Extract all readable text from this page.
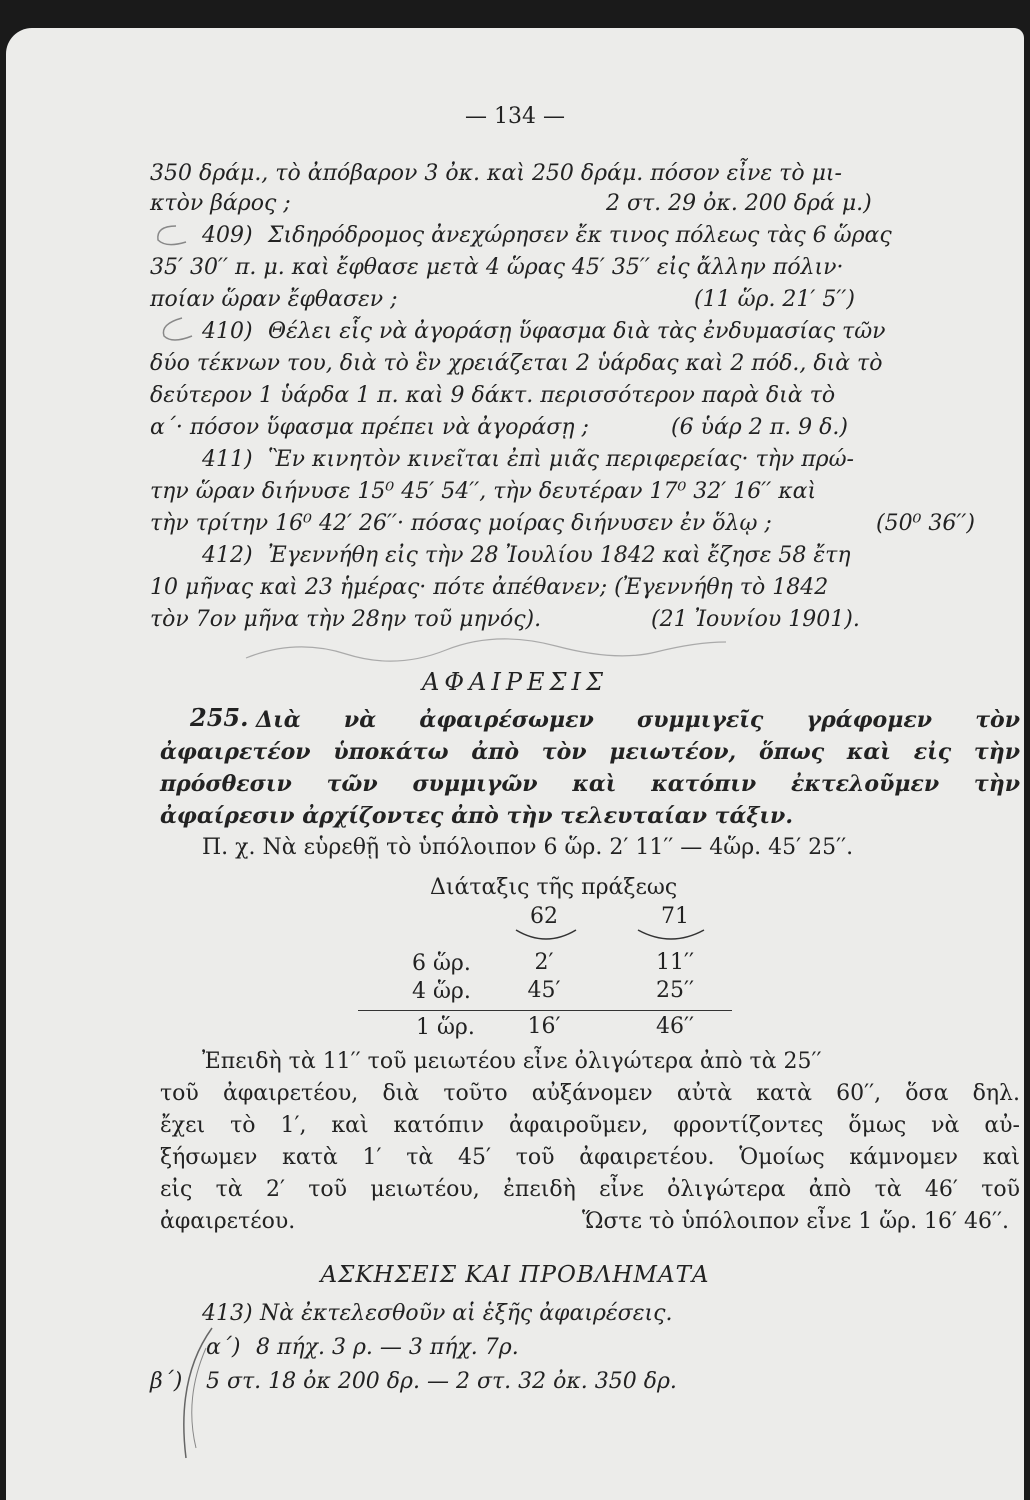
— 134 —
350 δράμ., τὸ ἀπόβαρον 3 ὀκ. καὶ 250 δράμ. πόσον εἶνε τὸ μι-
κτὸν βάρος ;	2 στ. 29 ὀκ. 200 δρά μ.)
409) Σιδηρόδρομος ἀνεχώρησεν ἔκ τινος πόλεως τὰς 6 ὥρας
35′ 30′′ π. μ. καὶ ἔφθασε μετὰ 4 ὥρας 45′ 35′′ εἰς ἄλλην πόλιν·
ποίαν ὥραν ἔφθασεν ;	(11 ὥρ. 21′ 5′′)
410) Θέλει εἷς νὰ ἀγοράσῃ ὕφασμα διὰ τὰς ἐνδυμασίας τῶν
δύο τέκνων του, διὰ τὸ ἓν χρειάζεται 2 ὑάρδας καὶ 2 πόδ., διὰ τὸ
δεύτερον 1 ὑάρδα 1 π. καὶ 9 δάκτ. περισσότερον παρὰ διὰ τὸ
α΄· πόσον ὕφασμα πρέπει νὰ ἀγοράσῃ ;	(6 ὑάρ 2 π. 9 δ.)
411) Ἓν κινητὸν κινεῖται ἐπὶ μιᾶς περιφερείας· τὴν πρώ-
την ὥραν διήνυσε 15⁰ 45′ 54′′, τὴν δευτέραν 17⁰ 32′ 16′′ καὶ
τὴν τρίτην 16⁰ 42′ 26′′· πόσας μοίρας διήνυσεν ἐν ὅλῳ ;	(50⁰ 36′′)
412) Ἐγεννήθη εἰς τὴν 28 Ἰουλίου 1842 καὶ ἔζησε 58 ἔτη
10 μῆνας καὶ 23 ἡμέρας· πότε ἀπέθανεν; (Ἐγεννήθη τὸ 1842
τὸν 7ον μῆνα τὴν 28ην τοῦ μηνός).	(21 Ἰουνίου 1901).
ΑΦΑΙΡΕΣΙΣ
255. Διὰ νὰ ἀφαιρέσωμεν συμμιγεῖς γράφομεν τὸν
ἀφαιρετέον ὑποκάτω ἀπὸ τὸν μειωτέον, ὅπως καὶ εἰς τὴν
πρόσθεσιν τῶν συμμιγῶν καὶ κατόπιν ἐκτελοῦμεν τὴν
ἀφαίρεσιν ἀρχίζοντες ἀπὸ τὴν τελευταίαν τάξιν.
Π. χ. Νὰ εὑρεθῇ τὸ ὑπόλοιπον 6 ὥρ. 2′ 11′′ — 4ὥρ. 45′ 25′′.
Διάταξις τῆς πράξεως
62	71
6 ὥρ.	2′	11′′
4 ὥρ.	45′	25′′
1 ὥρ.	16′	46′′
Ἐπειδὴ τὰ 11′′ τοῦ μειωτέου εἶνε ὀλιγώτερα ἀπὸ τὰ 25′′
τοῦ ἀφαιρετέου, διὰ τοῦτο αὐξάνομεν αὐτὰ κατὰ 60′′, ὅσα δηλ.
ἔχει τὸ 1′, καὶ κατόπιν ἀφαιροῦμεν, φροντίζοντες ὅμως νὰ αὐ-
ξήσωμεν κατὰ 1′ τὰ 45′ τοῦ ἀφαιρετέου. Ὁμοίως κάμνομεν καὶ
εἰς τὰ 2′ τοῦ μειωτέου, ἐπειδὴ εἶνε ὀλιγώτερα ἀπὸ τὰ 46′ τοῦ
ἀφαιρετέου.	Ὥστε τὸ ὑπόλοιπον εἶνε 1 ὥρ. 16′ 46′′.
ΑΣΚΗΣΕΙΣ ΚΑΙ ΠΡΟΒΛΗΜΑΤΑ
413) Νὰ ἐκτελεσθοῦν αἱ ἑξῆς ἀφαιρέσεις.
α΄) 8 πήχ. 3 ρ. — 3 πήχ. 7ρ.
β΄) 5 στ. 18 ὀκ 200 δρ. — 2 στ. 32 ὀκ. 350 δρ.
